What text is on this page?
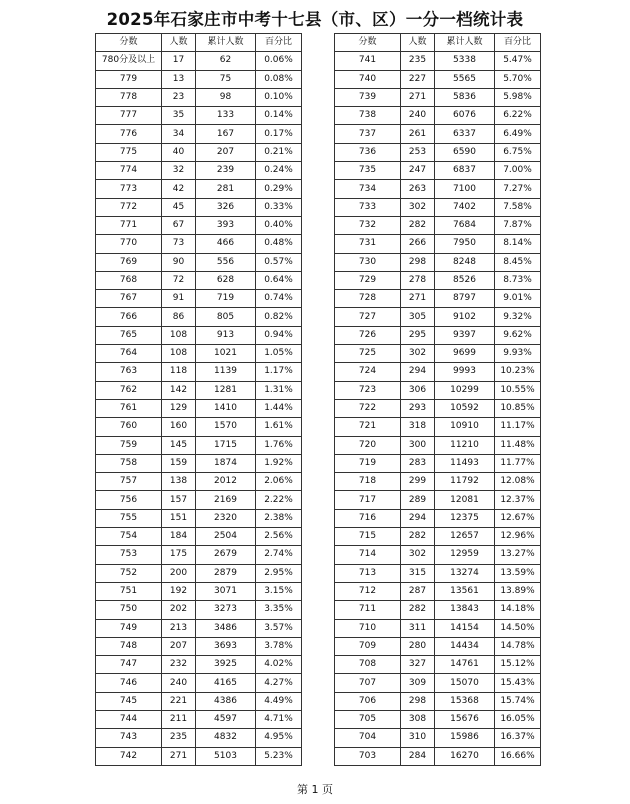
2025年石家庄市中考十七县（市、区）一分一档统计表
分数	人数	累计人数	百分比
780分及以上	17	62	0.06%
779	13	75	0.08%
778	23	98	0.10%
777	35	133	0.14%
776	34	167	0.17%
775	40	207	0.21%
774	32	239	0.24%
773	42	281	0.29%
772	45	326	0.33%
771	67	393	0.40%
770	73	466	0.48%
769	90	556	0.57%
768	72	628	0.64%
767	91	719	0.74%
766	86	805	0.82%
765	108	913	0.94%
764	108	1021	1.05%
763	118	1139	1.17%
762	142	1281	1.31%
761	129	1410	1.44%
760	160	1570	1.61%
759	145	1715	1.76%
758	159	1874	1.92%
757	138	2012	2.06%
756	157	2169	2.22%
755	151	2320	2.38%
754	184	2504	2.56%
753	175	2679	2.74%
752	200	2879	2.95%
751	192	3071	3.15%
750	202	3273	3.35%
749	213	3486	3.57%
748	207	3693	3.78%
747	232	3925	4.02%
746	240	4165	4.27%
745	221	4386	4.49%
744	211	4597	4.71%
743	235	4832	4.95%
742	271	5103	5.23%
分数	人数	累计人数	百分比
741	235	5338	5.47%
740	227	5565	5.70%
739	271	5836	5.98%
738	240	6076	6.22%
737	261	6337	6.49%
736	253	6590	6.75%
735	247	6837	7.00%
734	263	7100	7.27%
733	302	7402	7.58%
732	282	7684	7.87%
731	266	7950	8.14%
730	298	8248	8.45%
729	278	8526	8.73%
728	271	8797	9.01%
727	305	9102	9.32%
726	295	9397	9.62%
725	302	9699	9.93%
724	294	9993	10.23%
723	306	10299	10.55%
722	293	10592	10.85%
721	318	10910	11.17%
720	300	11210	11.48%
719	283	11493	11.77%
718	299	11792	12.08%
717	289	12081	12.37%
716	294	12375	12.67%
715	282	12657	12.96%
714	302	12959	13.27%
713	315	13274	13.59%
712	287	13561	13.89%
711	282	13843	14.18%
710	311	14154	14.50%
709	280	14434	14.78%
708	327	14761	15.12%
707	309	15070	15.43%
706	298	15368	15.74%
705	308	15676	16.05%
704	310	15986	16.37%
703	284	16270	16.66%
第 1 页
